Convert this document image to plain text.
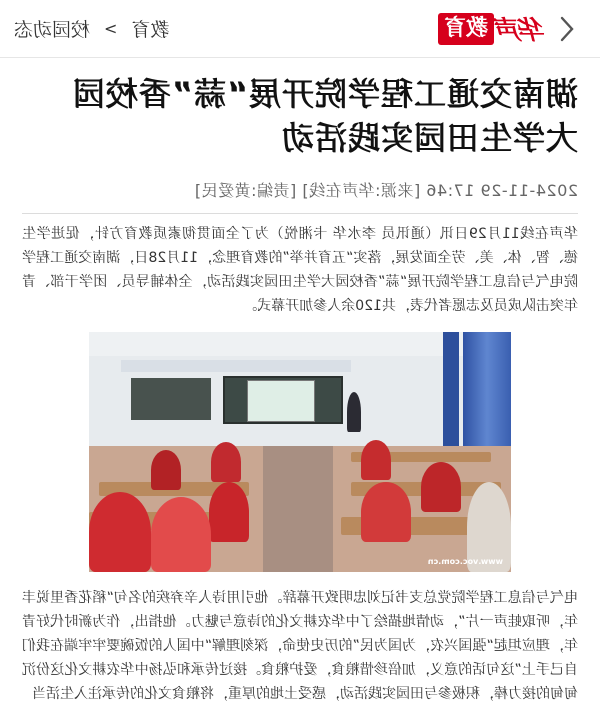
华声
教育
教育
>
校园动态
湖南交通工程学院开展“蒜”香校园
大学生田园实践活动
2024-11-29 17:46 [来源:华声在线] [责编:黄爱民]
华声在线11月29日讯（通讯员 李水华 卡湘悦）为了全面贯彻素质教育方针，促进学生德、智、体、美、劳全面发展，落实“五育并举”的教育理念，11月28日，湖南交通工程学院电气与信息工程学院开展“蒜”香校园大学生田园实践活动，全体辅导员、团学干部、青年突击队成员及志愿者代表，共120余人参加开幕式。
www.voc.com.cn
电气与信息工程学院党总支书记刘忠明致开幕辞。他引用诗人辛弃疾的名句“稻花香里说丰年，听取蛙声一片”，动情地描绘了中华农耕文化的诗意与魅力。他指出，作为新时代好青年，理应坦起“强国兴农，为国为民”的历史使命，深刻理解“中国人的饭碗要牢牢端在我们自己手上”这句话的意义，加倍珍惜粮食，爱护粮食。接过传承和弘扬中华农耕文化这份沉甸甸的接力棒，积极参与田园实践活动，感受土地的厚重，将粮食文化的传承注入生活当
